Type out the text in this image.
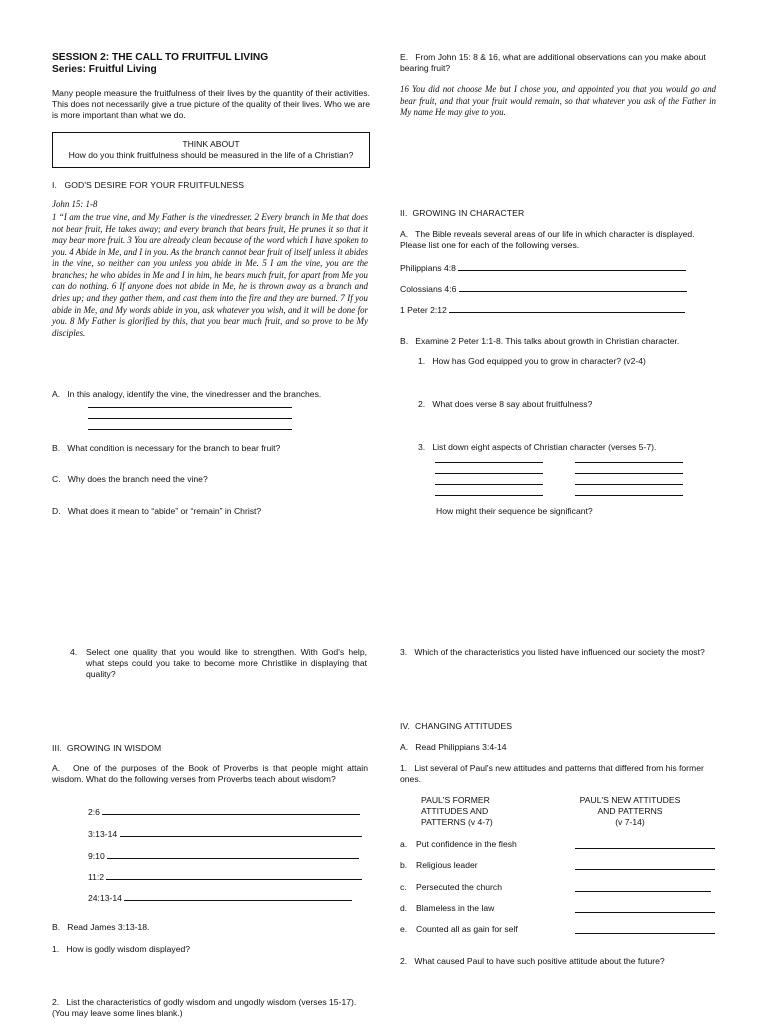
SESSION 2: THE CALL TO FRUITFUL LIVING
Series: Fruitful Living
Many people measure the fruitfulness of their lives by the quantity of their activities. This does not necessarily give a true picture of the quality of their lives. Who we are is more important than what we do.
THINK ABOUT
How do you think fruitfulness should be measured in the life of a Christian?
I.   GOD'S DESIRE FOR YOUR FRUITFULNESS
John 15: 1-8
1 “I am the true vine, and My Father is the vinedresser. 2 Every branch in Me that does not bear fruit, He takes away; and every branch that bears fruit, He prunes it so that it may bear more fruit. 3 You are already clean because of the word which I have spoken to you. 4 Abide in Me, and I in you. As the branch cannot bear fruit of itself unless it abides in the vine, so neither can you unless you abide in Me. 5 I am the vine, you are the branches; he who abides in Me and I in him, he bears much fruit, for apart from Me you can do nothing. 6 If anyone does not abide in Me, he is thrown away as a branch and dries up; and they gather them, and cast them into the fire and they are burned. 7 If you abide in Me, and My words abide in you, ask whatever you wish, and it will be done for you. 8 My Father is glorified by this, that you bear much fruit, and so prove to be My disciples.
A.   In this analogy, identify the vine, the vinedresser and the branches.
B.   What condition is necessary for the branch to bear fruit?
C.   Why does the branch need the vine?
D.   What does it mean to “abide” or “remain” in Christ?
4. Select one quality that you would like to strengthen. With God's help, what steps could you take to become more Christlike in displaying that quality?
III.  GROWING IN WISDOM
A.   One of the purposes of the Book of Proverbs is that people might attain wisdom. What do the following verses from Proverbs teach about wisdom?
2:6
3:13-14
9:10
11:2
24:13-14
B.   Read James 3:13-18.
1.   How is godly wisdom displayed?
2.   List the characteristics of godly wisdom and ungodly wisdom (verses 15-17). (You may leave some lines blank.)
E.   From John 15: 8 & 16, what are additional observations can you make about bearing fruit?
16 You did not choose Me but I chose you, and appointed you that you would go and bear fruit, and that your fruit would remain, so that whatever you ask of the Father in My name He may give to you.
II.  GROWING IN CHARACTER
A.   The Bible reveals several areas of our life in which character is displayed. Please list one for each of the following verses.
Philippians 4:8
Colossians 4:6
1 Peter 2:12
B.   Examine 2 Peter 1:1-8. This talks about growth in Christian character.
1.   How has God equipped you to grow in character? (v2-4)
2.   What does verse 8 say about fruitfulness?
3.   List down eight aspects of Christian character (verses 5-7).
How might their sequence be significant?
3.   Which of the characteristics you listed have influenced our society the most?
IV.  CHANGING ATTITUDES
A.   Read Philippians 3:4-14
1.   List several of Paul's new attitudes and patterns that differed from his former ones.
PAUL'S FORMER
ATTITUDES AND
PATTERNS (v 4-7)
PAUL'S NEW ATTITUDES
AND PATTERNS
(v 7-14)
a. Put confidence in the flesh
b. Religious leader
c. Persecuted the church
d. Blameless in the law
e. Counted all as gain for self
2.   What caused Paul to have such positive attitude about the future?
